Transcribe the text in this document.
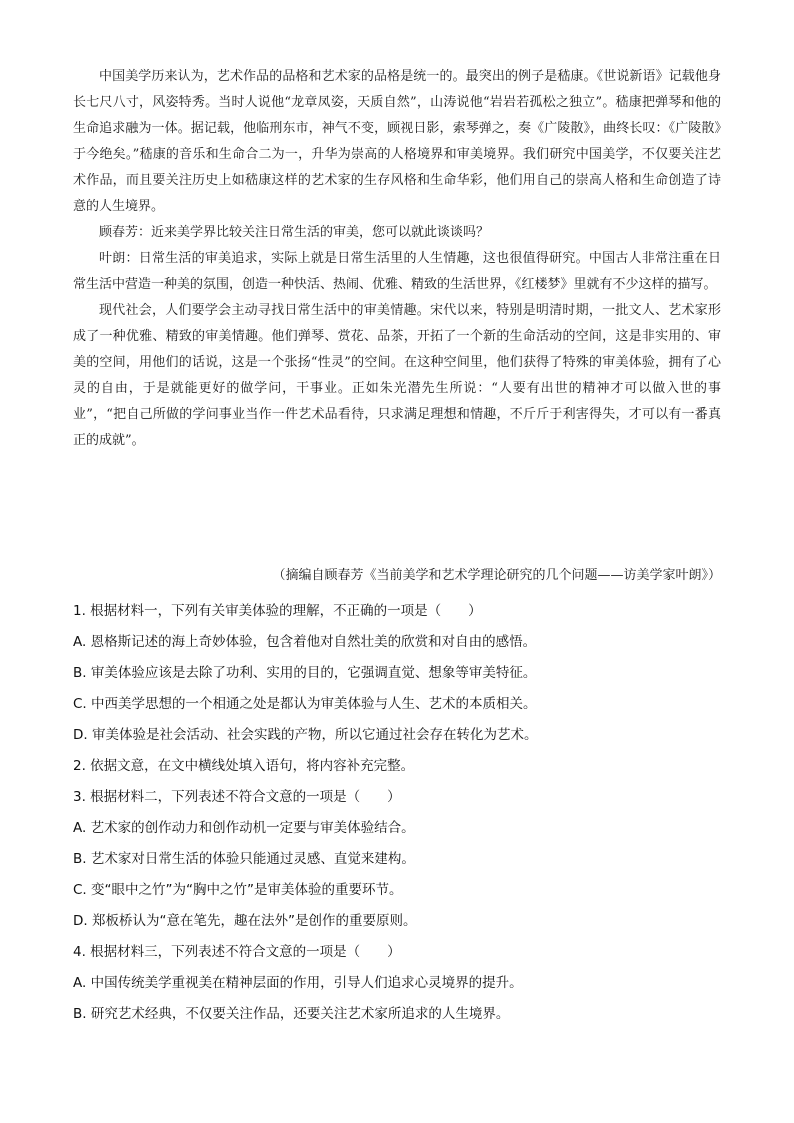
中国美学历来认为，艺术作品的品格和艺术家的品格是统一的。最突出的例子是嵇康。《世说新语》记载他身长七尺八寸，风姿特秀。当时人说他“龙章凤姿，天质自然”，山涛说他“岩岩若孤松之独立”。嵇康把弹琴和他的生命追求融为一体。据记载，他临刑东市，神气不变，顾视日影，索琴弹之，奏《广陵散》，曲终长叹：《广陵散》于今绝矣。”嵇康的音乐和生命合二为一，升华为崇高的人格境界和审美境界。我们研究中国美学，不仅要关注艺术作品，而且要关注历史上如嵇康这样的艺术家的生存风格和生命华彩，他们用自己的崇高人格和生命创造了诗意的人生境界。

顾春芳：近来美学界比较关注日常生活的审美，您可以就此谈谈吗？

叶朗：日常生活的审美追求，实际上就是日常生活里的人生情趣，这也很值得研究。中国古人非常注重在日常生活中营造一种美的氛围，创造一种快活、热闹、优雅、精致的生活世界，《红楼梦》里就有不少这样的描写。

现代社会，人们要学会主动寻找日常生活中的审美情趣。宋代以来，特别是明清时期，一批文人、艺术家形成了一种优雅、精致的审美情趣。他们弹琴、赏花、品茶，开拓了一个新的生命活动的空间，这是非实用的、审美的空间，用他们的话说，这是一个张扬“性灵”的空间。在这种空间里，他们获得了特殊的审美体验，拥有了心灵的自由，于是就能更好的做学问，干事业。正如朱光潜先生所说：“人要有出世的精神才可以做入世的事业”，“把自己所做的学问事业当作一件艺术品看待，只求满足理想和情趣，不斤斤于利害得失，才可以有一番真正的成就”。

（摘编自顾春芳《当前美学和艺术学理论研究的几个问题——访美学家叶朗》）
1. 根据材料一，下列有关审美体验的理解，不正确的一项是（　　）
A. 恩格斯记述的海上奇妙体验，包含着他对自然壮美的欣赏和对自由的感悟。
B. 审美体验应该是去除了功利、实用的目的，它强调直觉、想象等审美特征。
C. 中西美学思想的一个相通之处是都认为审美体验与人生、艺术的本质相关。
D. 审美体验是社会活动、社会实践的产物，所以它通过社会存在转化为艺术。
2. 依据文意，在文中横线处填入语句，将内容补充完整。
3. 根据材料二，下列表述不符合文意的一项是（　　）
A. 艺术家的创作动力和创作动机一定要与审美体验结合。
B. 艺术家对日常生活的体验只能通过灵感、直觉来建构。
C. 变“眼中之竹”为“胸中之竹”是审美体验的重要环节。
D. 郑板桥认为“意在笔先，趣在法外”是创作的重要原则。
4. 根据材料三，下列表述不符合文意的一项是（　　）
A. 中国传统美学重视美在精神层面的作用，引导人们追求心灵境界的提升。
B. 研究艺术经典，不仅要关注作品，还要关注艺术家所追求的人生境界。
